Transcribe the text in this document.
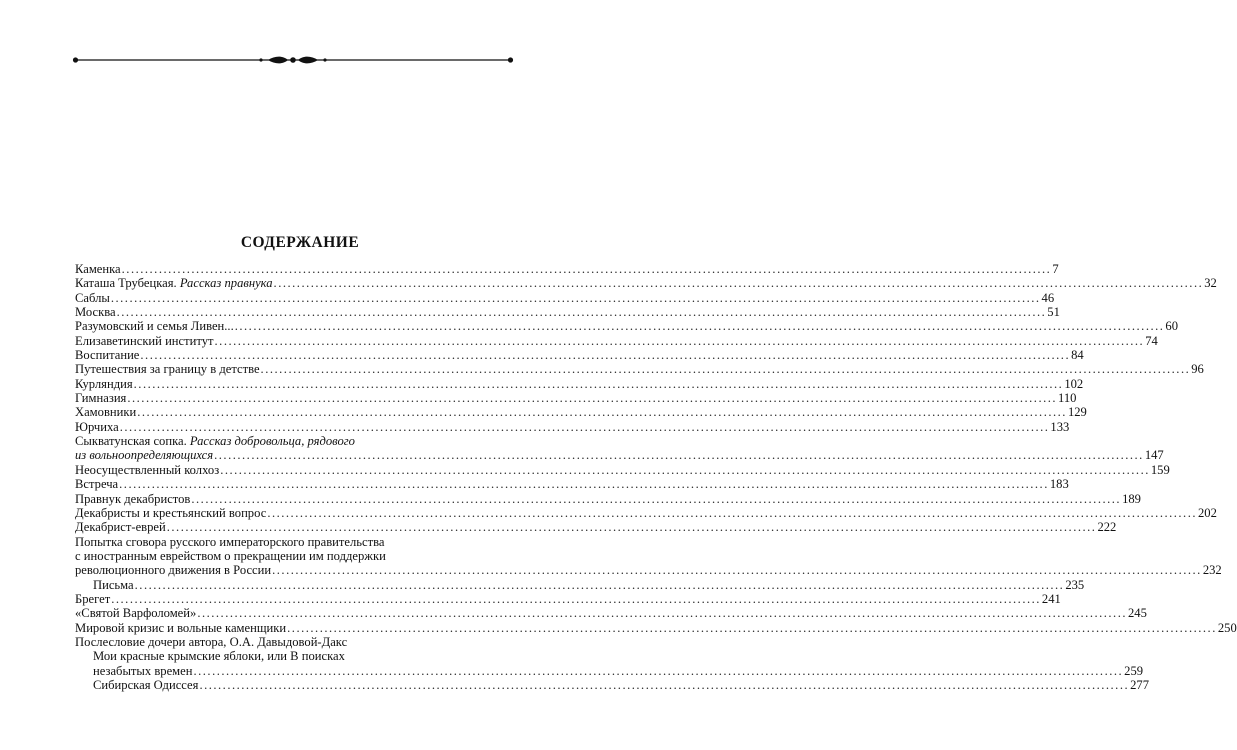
СОДЕРЖАНИЕ
Каменка ........................................................................................................................................................................................................ 7
Каташа Трубецкая. Рассказ правнука ........................................................................................................................................................................................................ 32
Саблы ........................................................................................................................................................................................................ 46
Москва ........................................................................................................................................................................................................ 51
Разумовский и семья Ливен... ........................................................................................................................................................................................................ 60
Елизаветинский институт ........................................................................................................................................................................................................ 74
Воспитание ........................................................................................................................................................................................................ 84
Путешествия за границу в детстве ........................................................................................................................................................................................................ 96
Курляндия ........................................................................................................................................................................................................ 102
Гимназия ........................................................................................................................................................................................................ 110
Хамовники ........................................................................................................................................................................................................ 129
Юрчиха ........................................................................................................................................................................................................ 133
Сыкватунская сопка. Рассказ добровольца, рядового
из вольноопределяющихся ........................................................................................................................................................................................................ 147
Неосуществленный колхоз ........................................................................................................................................................................................................ 159
Встреча ........................................................................................................................................................................................................ 183
Правнук декабристов ........................................................................................................................................................................................................ 189
Декабристы и крестьянский вопрос ........................................................................................................................................................................................................ 202
Декабрист-еврей ........................................................................................................................................................................................................ 222
Попытка сговора русского императорского правительства
с иностранным еврейством о прекращении им поддержки
революционного движения в России ........................................................................................................................................................................................................ 232
Письма ........................................................................................................................................................................................................ 235
Брегет ........................................................................................................................................................................................................ 241
«Святой Варфоломей» ........................................................................................................................................................................................................ 245
Мировой кризис и вольные каменщики ........................................................................................................................................................................................................ 250
Послесловие дочери автора, О.А. Давыдовой-Дакс
Мои красные крымские яблоки, или В поисках
незабытых времен ........................................................................................................................................................................................................ 259
Сибирская Одиссея ........................................................................................................................................................................................................ 277
